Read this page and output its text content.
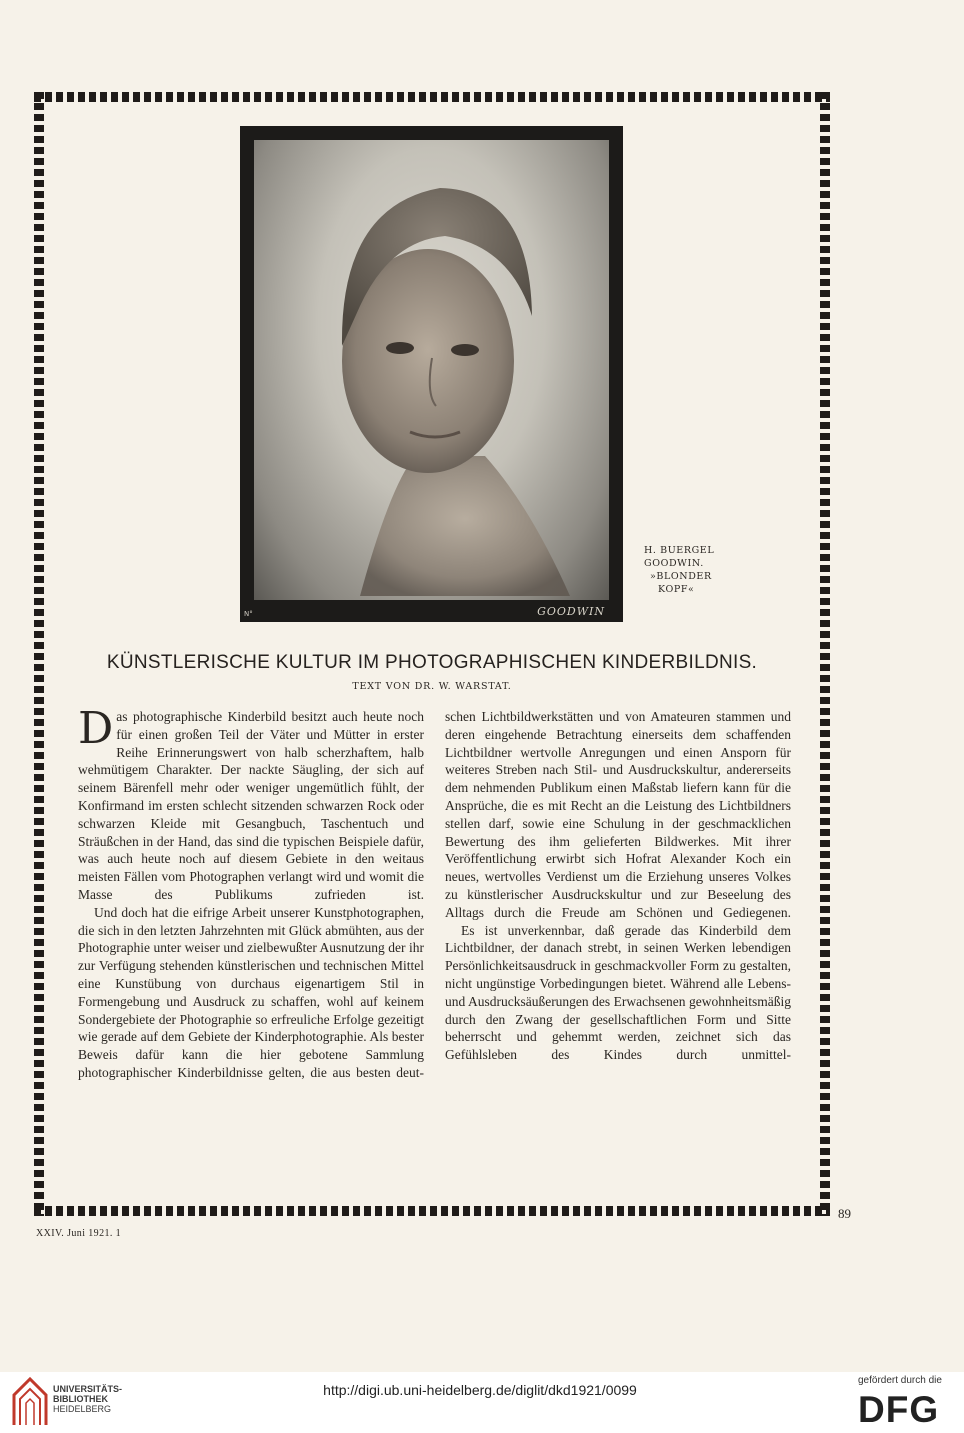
N°	GOODWIN
H. BUERGEL
GOODWIN.
»BLONDER
KOPF«
KÜNSTLERISCHE KULTUR IM PHOTOGRAPHISCHEN KINDERBILDNIS.
TEXT VON DR. W. WARSTAT.

Das photographische Kinderbild besitzt auch heute noch für einen großen Teil der Väter und Mütter in erster Reihe Erinnerungswert von halb scherzhaftem, halb wehmütigem Charakter. Der nackte Säugling, der sich auf seinem Bärenfell mehr oder weniger ungemütlich fühlt, der Konfirmand im ersten schlecht sitzenden schwarzen Rock oder schwarzen Kleide mit Gesangbuch, Taschentuch und Sträußchen in der Hand, das sind die typischen Beispiele dafür, was auch heute noch auf diesem Gebiete in den weitaus meisten Fällen vom Photographen verlangt wird und womit die Masse des Publikums zufrieden ist.

Und doch hat die eifrige Arbeit unserer Kunstphotographen, die sich in den letzten Jahrzehnten mit Glück abmühten, aus der Photographie unter weiser und zielbewußter Ausnutzung der ihr zur Verfügung stehenden künstlerischen und technischen Mittel eine Kunstübung von durchaus eigenartigem Stil in Formengebung und Ausdruck zu schaffen, wohl auf keinem Sondergebiete der Photographie so erfreuliche Erfolge gezeitigt wie gerade auf dem Gebiete der Kinderphotographie. Als bester Beweis dafür kann die hier gebotene Sammlung photographischer Kinderbildnisse gelten, die aus besten deut-

schen Lichtbildwerkstätten und von Amateuren stammen und deren eingehende Betrachtung einerseits dem schaffenden Lichtbildner wertvolle Anregungen und einen Ansporn für weiteres Streben nach Stil- und Ausdruckskultur, andererseits dem nehmenden Publikum einen Maßstab liefern kann für die Ansprüche, die es mit Recht an die Leistung des Lichtbildners stellen darf, sowie eine Schulung in der geschmacklichen Bewertung des ihm gelieferten Bildwerkes. Mit ihrer Veröffentlichung erwirbt sich Hofrat Alexander Koch ein neues, wertvolles Verdienst um die Erziehung unseres Volkes zu künstlerischer Ausdruckskultur und zur Beseelung des Alltags durch die Freude am Schönen und Gediegenen.

Es ist unverkennbar, daß gerade das Kinderbild dem Lichtbildner, der danach strebt, in seinen Werken lebendigen Persönlichkeitsausdruck in geschmackvoller Form zu gestalten, nicht ungünstige Vorbedingungen bietet. Während alle Lebens- und Ausdrucksäußerungen des Erwachsenen gewohnheitsmäßig durch den Zwang der gesellschaftlichen Form und Sitte beherrscht und gehemmt werden, zeichnet sich das Gefühlsleben des Kindes durch unmittel-

89
XXIV. Juni 1921. 1
UNIVERSITÄTS-
BIBLIOTHEK
HEIDELBERG
http://digi.ub.uni-heidelberg.de/diglit/dkd1921/0099
gefördert durch die
DFG
